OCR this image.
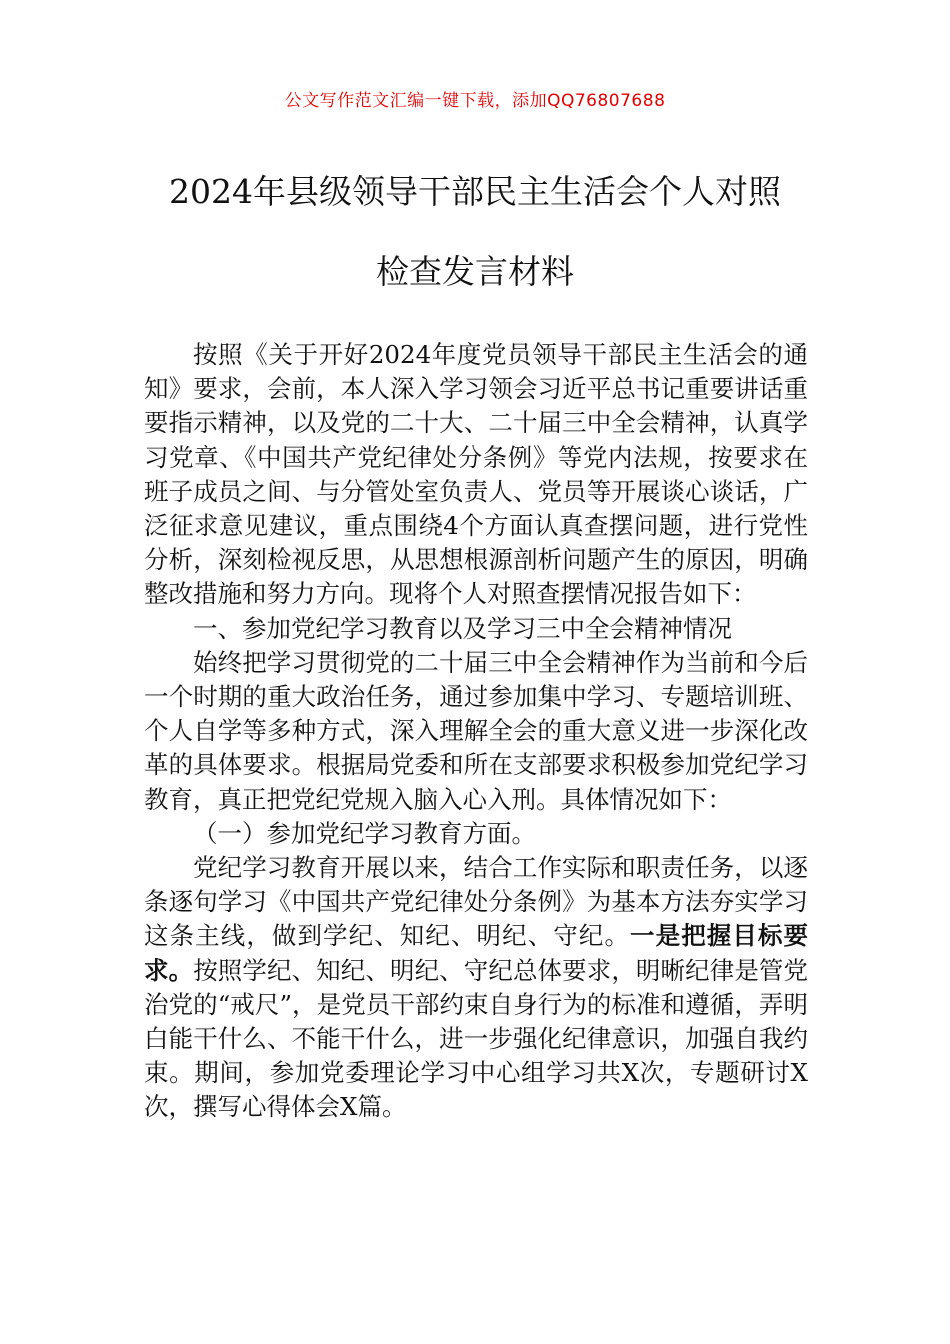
公文写作范文汇编一键下载，添加QQ76807688
2024年县级领导干部民主生活会个人对照
检查发言材料

按照《关于开好2024年度党员领导干部民主生活会的通知》要求，会前，本人深入学习领会习近平总书记重要讲话重要指示精神，以及党的二十大、二十届三中全会精神，认真学习党章、《中国共产党纪律处分条例》等党内法规，按要求在班子成员之间、与分管处室负责人、党员等开展谈心谈话，广泛征求意见建议，重点围绕4个方面认真查摆问题，进行党性分析，深刻检视反思，从思想根源剖析问题产生的原因，明确整改措施和努力方向。现将个人对照查摆情况报告如下：

一、参加党纪学习教育以及学习三中全会精神情况

始终把学习贯彻党的二十届三中全会精神作为当前和今后一个时期的重大政治任务，通过参加集中学习、专题培训班、个人自学等多种方式，深入理解全会的重大意义进一步深化改革的具体要求。根据局党委和所在支部要求积极参加党纪学习教育，真正把党纪党规入脑入心入刑。具体情况如下：

（一）参加党纪学习教育方面。

党纪学习教育开展以来，结合工作实际和职责任务，以逐条逐句学习《中国共产党纪律处分条例》为基本方法夯实学习这条主线，做到学纪、知纪、明纪、守纪。一是把握目标要求。按照学纪、知纪、明纪、守纪总体要求，明晰纪律是管党治党的“戒尺”，是党员干部约束自身行为的标准和遵循，弄明白能干什么、不能干什么，进一步强化纪律意识，加强自我约束。期间，参加党委理论学习中心组学习共X次，专题研讨X次，撰写心得体会X篇。
